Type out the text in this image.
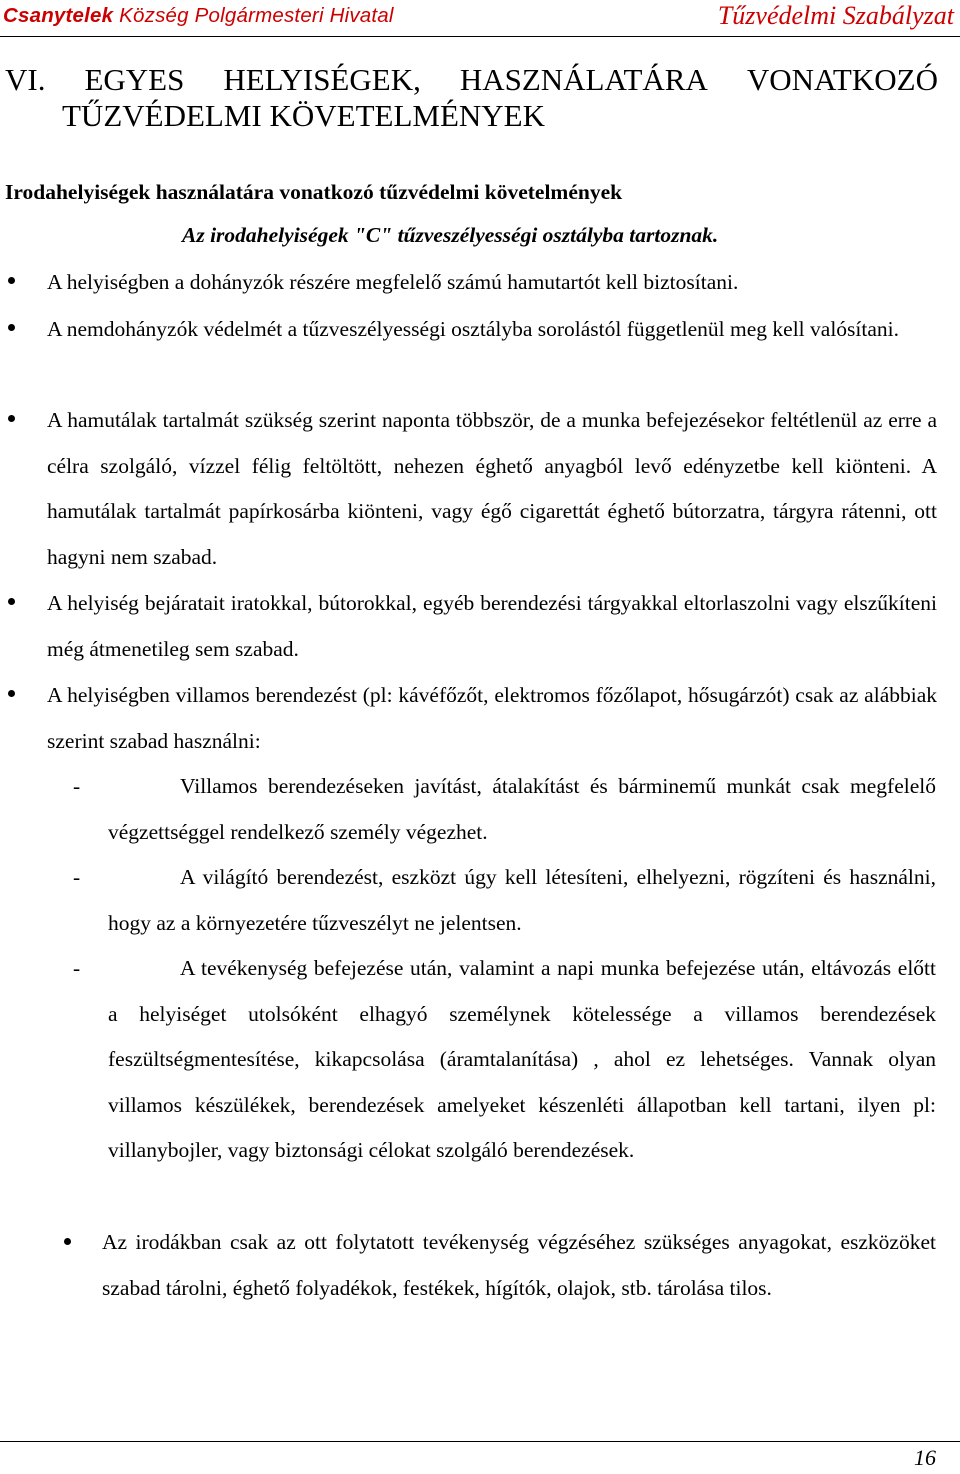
Csanytelek Község Polgármesteri Hivatal	Tűzvédelmi Szabályzat
VI. EGYES HELYISÉGEK, HASZNÁLATÁRA VONATKOZÓ
TŰZVÉDELMI KÖVETELMÉNYEK
Irodahelyiségek használatára vonatkozó tűzvédelmi követelmények
Az irodahelyiségek "C" tűzveszélyességi osztályba tartoznak.
A helyiségben a dohányzók részére megfelelő számú hamutartót kell biztosítani.
A nemdohányzók védelmét a tűzveszélyességi osztályba sorolástól függetlenül meg kell valósítani.
A hamutálak tartalmát szükség szerint naponta többször, de a munka befejezésekor feltétlenül az erre a célra szolgáló, vízzel félig feltöltött, nehezen éghető anyagból levő edényzetbe kell kiönteni. A hamutálak tartalmát papírkosárba kiönteni, vagy égő cigarettát éghető bútorzatra, tárgyra rátenni, ott hagyni nem szabad.
A helyiség bejáratait iratokkal, bútorokkal, egyéb berendezési tárgyakkal eltorlaszolni vagy elszűkíteni még átmenetileg sem szabad.
A helyiségben villamos berendezést (pl: kávéfőzőt, elektromos főzőlapot, hősugárzót) csak az alábbiak szerint szabad használni:
-	Villamos berendezéseken javítást, átalakítást és bárminemű munkát csak megfelelő végzettséggel rendelkező személy végezhet.
-	A világító berendezést, eszközt úgy kell létesíteni, elhelyezni, rögzíteni és használni, hogy az a környezetére tűzveszélyt ne jelentsen.
-	A tevékenység befejezése után, valamint a napi munka befejezése után, eltávozás előtt a helyiséget utolsóként elhagyó személynek kötelessége a villamos berendezések feszültségmentesítése, kikapcsolása (áramtalanítása) , ahol ez lehetséges. Vannak olyan villamos készülékek, berendezések amelyeket készenléti állapotban kell tartani, ilyen pl: villanybojler, vagy biztonsági célokat szolgáló berendezések.
Az irodákban csak az ott folytatott tevékenység végzéséhez szükséges anyagokat, eszközöket szabad tárolni, éghető folyadékok, festékek, hígítók, olajok, stb. tárolása tilos.
16
